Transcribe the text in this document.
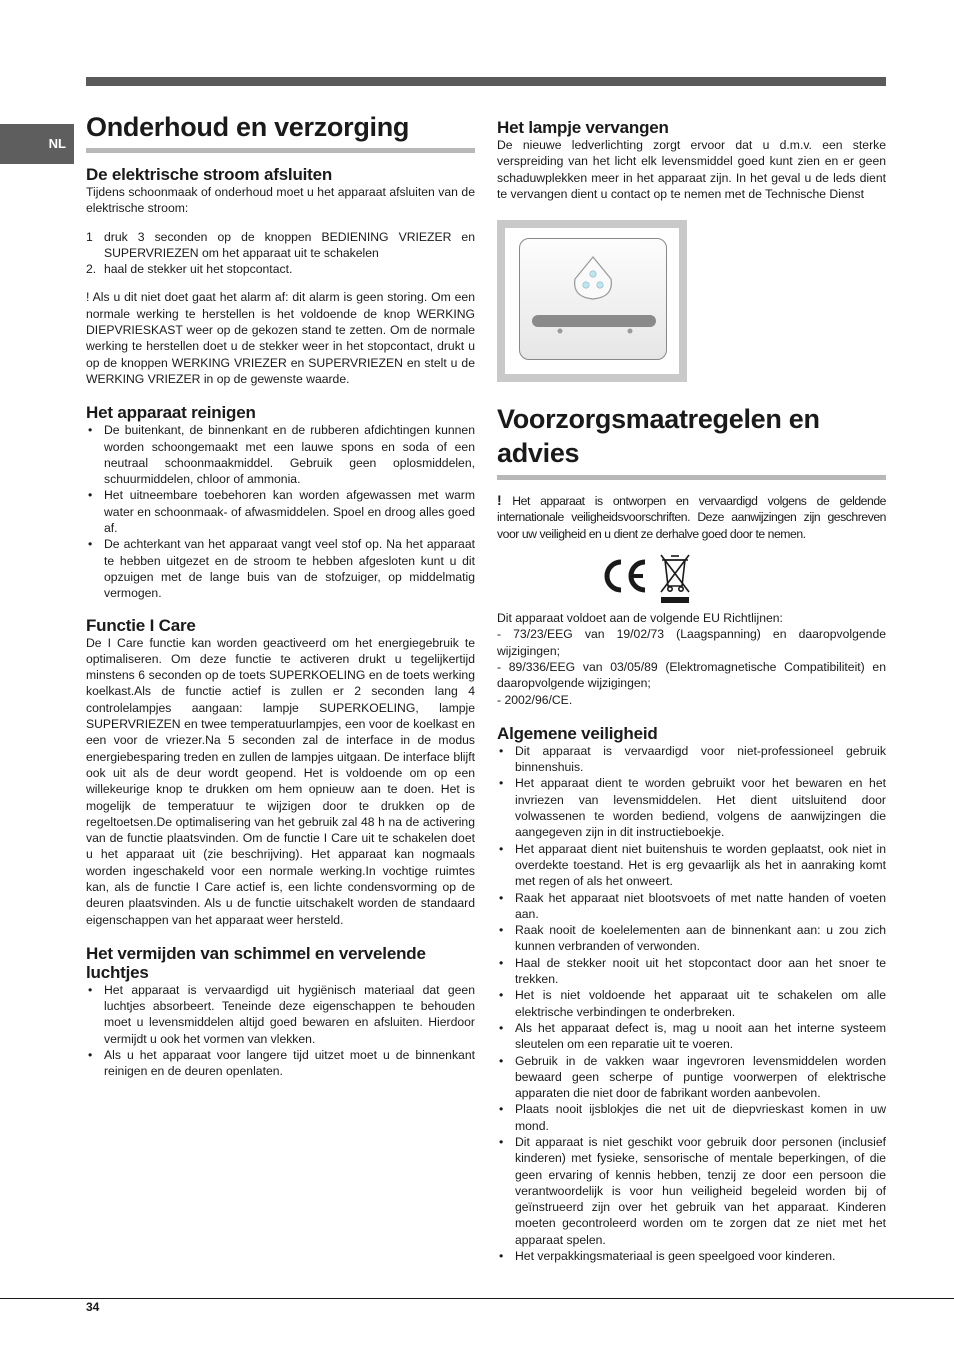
NL
Onderhoud en verzorging
De elektrische stroom afsluiten

Tijdens schoonmaak of onderhoud moet u het apparaat afsluiten van de elektrische stroom:

1 druk 3 seconden op de knoppen BEDIENING VRIEZER en SUPERVRIEZEN om het apparaat uit te schakelen
2. haal de stekker uit het stopcontact.

! Als u dit niet doet gaat het alarm af: dit alarm is geen storing. Om een normale werking te herstellen is het voldoende de knop WERKING DIEPVRIESKAST weer op de gekozen stand te zetten. Om de normale werking te herstellen doet u de stekker weer in het stopcontact, drukt u op de knoppen WERKING VRIEZER en SUPERVRIEZEN en stelt u de WERKING VRIEZER in op de gewenste waarde.

Het apparaat reinigen
• De buitenkant, de binnenkant en de rubberen afdichtingen kunnen worden schoongemaakt met een lauwe spons en soda of een neutraal schoonmaakmiddel. Gebruik geen oplosmiddelen, schuurmiddelen, chloor of ammonia.
• Het uitneembare toebehoren kan worden afgewassen met warm water en schoonmaak- of afwasmiddelen. Spoel en droog alles goed af.
• De achterkant van het apparaat vangt veel stof op. Na het apparaat te hebben uitgezet en de stroom te hebben afgesloten kunt u dit opzuigen met de lange buis van de stofzuiger, op middelmatig vermogen.
Functie I Care

De I Care functie kan worden geactiveerd om het energiegebruik te optimaliseren. Om deze functie te activeren drukt u tegelijkertijd minstens 6 seconden op de toets SUPERKOELING en de toets werking koelkast.Als de functie actief is zullen er 2 seconden lang 4 controlelampjes aangaan: lampje SUPERKOELING, lampje SUPERVRIEZEN en twee temperatuurlampjes, een voor de koelkast en een voor de vriezer.Na 5 seconden zal de interface in de modus energiebesparing treden en zullen de lampjes uitgaan. De interface blijft ook uit als de deur wordt geopend. Het is voldoende om op een willekeurige knop te drukken om hem opnieuw aan te doen. Het is mogelijk de temperatuur te wijzigen door te drukken op de regeltoetsen.De optimalisering van het gebruik zal 48 h na de activering van de functie plaatsvinden. Om de functie I Care uit te schakelen doet u het apparaat uit (zie beschrijving). Het apparaat kan nogmaals worden ingeschakeld voor een normale werking.In vochtige ruimtes kan, als de functie I Care actief is, een lichte condensvorming op de deuren plaatsvinden. Als u de functie uitschakelt worden de standaard eigenschappen van het apparaat weer hersteld.

Het vermijden van schimmel en vervelende luchtjes
• Het apparaat is vervaardigd uit hygiënisch materiaal dat geen luchtjes absorbeert. Teneinde deze eigenschappen te behouden moet u levensmiddelen altijd goed bewaren en afsluiten. Hierdoor vermijdt u ook het vormen van vlekken.
• Als u het apparaat voor langere tijd uitzet moet u de binnenkant reinigen en de deuren openlaten.
Het lampje vervangen

De nieuwe ledverlichting zorgt ervoor dat u d.m.v. een sterke verspreiding van het licht elk levensmiddel goed kunt zien en er geen schaduwplekken meer in het apparaat zijn. In het geval u de leds dient te vervangen dient u contact op te nemen met de Technische Dienst

Voorzorgsmaatregelen en advies

! Het apparaat is ontworpen en vervaardigd volgens de geldende internationale veiligheidsvoorschriften. Deze aanwijzingen zijn geschreven voor uw veiligheid en u dient ze derhalve goed door te nemen.

Dit apparaat voldoet aan de volgende EU Richtlijnen:

- 73/23/EEG van 19/02/73 (Laagspanning) en daaropvolgende wijzigingen;

- 89/336/EEG van 03/05/89 (Elektromagnetische Compatibiliteit) en daaropvolgende wijzigingen;

- 2002/96/CE.

Algemene veiligheid
• Dit apparaat is vervaardigd voor niet-professioneel gebruik binnenshuis.
• Het apparaat dient te worden gebruikt voor het bewaren en het invriezen van levensmiddelen. Het dient uitsluitend door volwassenen te worden bediend, volgens de aanwijzingen die aangegeven zijn in dit instructieboekje.
• Het apparaat dient niet buitenshuis te worden geplaatst, ook niet in overdekte toestand. Het is erg gevaarlijk als het in aanraking komt met regen of als het onweert.
• Raak het apparaat niet blootsvoets of met natte handen of voeten aan.
• Raak nooit de koelelementen aan de binnenkant aan: u zou zich kunnen verbranden of verwonden.
• Haal de stekker nooit uit het stopcontact door aan het snoer te trekken.
• Het is niet voldoende het apparaat uit te schakelen om alle elektrische verbindingen te onderbreken.
• Als het apparaat defect is, mag u nooit aan het interne systeem sleutelen om een reparatie uit te voeren.
• Gebruik in de vakken waar ingevroren levensmiddelen worden bewaard geen scherpe of puntige voorwerpen of elektrische apparaten die niet door de fabrikant worden aanbevolen.
• Plaats nooit ijsblokjes die net uit de diepvrieskast komen in uw mond.
• Dit apparaat is niet geschikt voor gebruik door personen (inclusief kinderen) met fysieke, sensorische of mentale beperkingen, of die geen ervaring of kennis hebben, tenzij ze door een persoon die verantwoordelijk is voor hun veiligheid begeleid worden bij of geïnstrueerd zijn over het gebruik van het apparaat. Kinderen moeten gecontroleerd worden om te zorgen dat ze niet met het apparaat spelen.
• Het verpakkingsmateriaal is geen speelgoed voor kinderen.
34
